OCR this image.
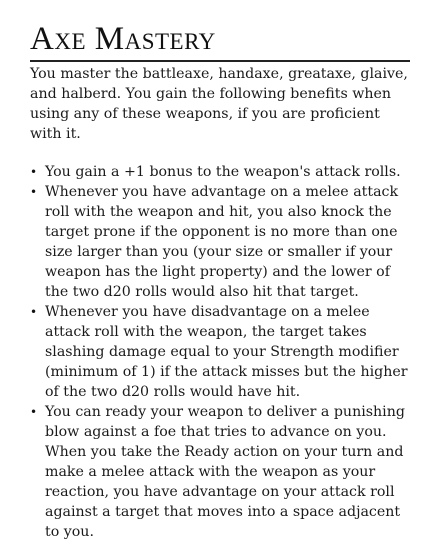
Axe Mastery

You master the battleaxe, handaxe, greataxe, glaive, and halberd. You gain the following benefits when using any of these weapons, if you are proficient with it.

• You gain a +1 bonus to the weapon's attack rolls.
• Whenever you have advantage on a melee attack roll with the weapon and hit, you also knock the target prone if the opponent is no more than one size larger than you (your size or smaller if your weapon has the light property) and the lower of the two d20 rolls would also hit that target.
• Whenever you have disadvantage on a melee attack roll with the weapon, the target takes slashing damage equal to your Strength modifier (minimum of 1) if the attack misses but the higher of the two d20 rolls would have hit.
• You can ready your weapon to deliver a punishing blow against a foe that tries to advance on you. When you take the Ready action on your turn and make a melee attack with the weapon as your reaction, you have advantage on your attack roll against a target that moves into a space adjacent to you.
